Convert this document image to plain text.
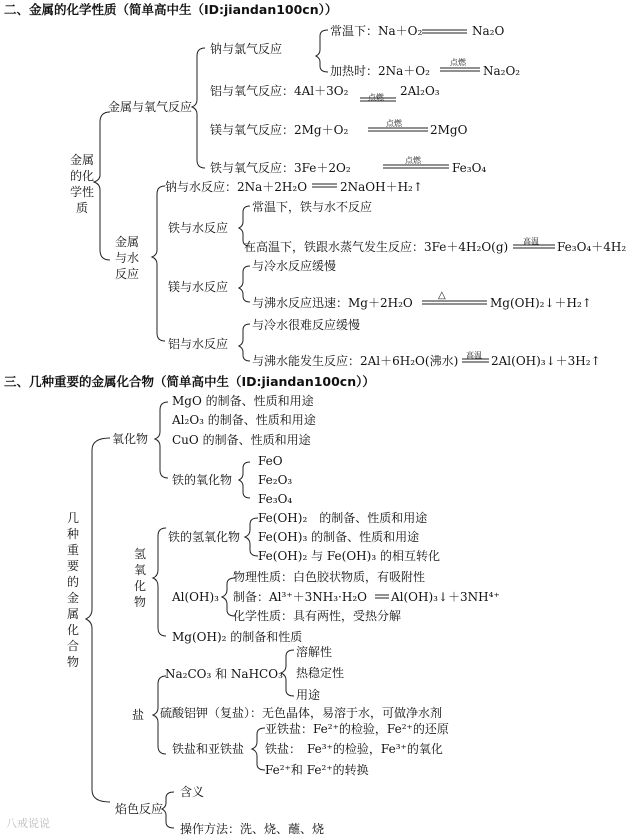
二、金属的化学性质（简单高中生（ID:jiandan100cn））
金属的化学性质
金属与氧气反应
钠与氯气反应
常温下：Na＋O₂	Na₂O
加热时：2Na＋O₂
点燃
Na₂O₂
铝与氧气反应：4Al＋3O₂ 点燃 2Al₂O₃
镁与氧气反应：2Mg＋O₂	点燃 2MgO
铁与氧气反应：3Fe＋2O₂
点燃
Fe₃O₄
金属与水反应
钠与水反应：2Na＋2H₂O	2NaOH＋H₂↑
铁与水反应
常温下，铁与水不反应
在高温下，铁跟水蒸气发生反应：3Fe＋4H₂O(g) 高温 Fe₃O₄＋4H₂
镁与水反应
与冷水反应缓慢
与沸水反应迅速：Mg＋2H₂O
△
Mg(OH)₂↓＋H₂↑
铝与水反应
与冷水很难反应缓慢
与沸水能发生反应：2Al＋6H₂O(沸水) 高温 2Al(OH)₃↓＋3H₂↑
三、几种重要的金属化合物（简单高中生（ID:jiandan100cn））
几种重要的金属化合物
氧化物
MgO 的制备、性质和用途
Al₂O₃ 的制备、性质和用途
CuO 的制备、性质和用途
铁的氧化物
FeO
Fe₂O₃
Fe₃O₄
氢氧化物
铁的氢氧化物
Fe(OH)₂　的制备、性质和用途
Fe(OH)₃ 的制备、性质和用途
Fe(OH)₂ 与 Fe(OH)₃ 的相互转化
Al(OH)₃
物理性质：白色胶状物质，有吸附性
制备：Al³⁺＋3NH₃·H₂O Al(OH)₃↓＋3NH⁴⁺
化学性质：具有两性，受热分解
Mg(OH)₂ 的制备和性质
盐
Na₂CO₃ 和 NaHCO₃
溶解性
热稳定性
用途
硫酸铝钾（复盐）：无色晶体，易溶于水，可做净水剂
铁盐和亚铁盐
亚铁盐：Fe²⁺的检验，Fe²⁺的还原
铁盐：　Fe³⁺的检验，Fe³⁺的氧化
Fe²⁺和 Fe²⁺的转换
焰色反应
含义
操作方法：洗、烧、蘸、烧
八戒说说
